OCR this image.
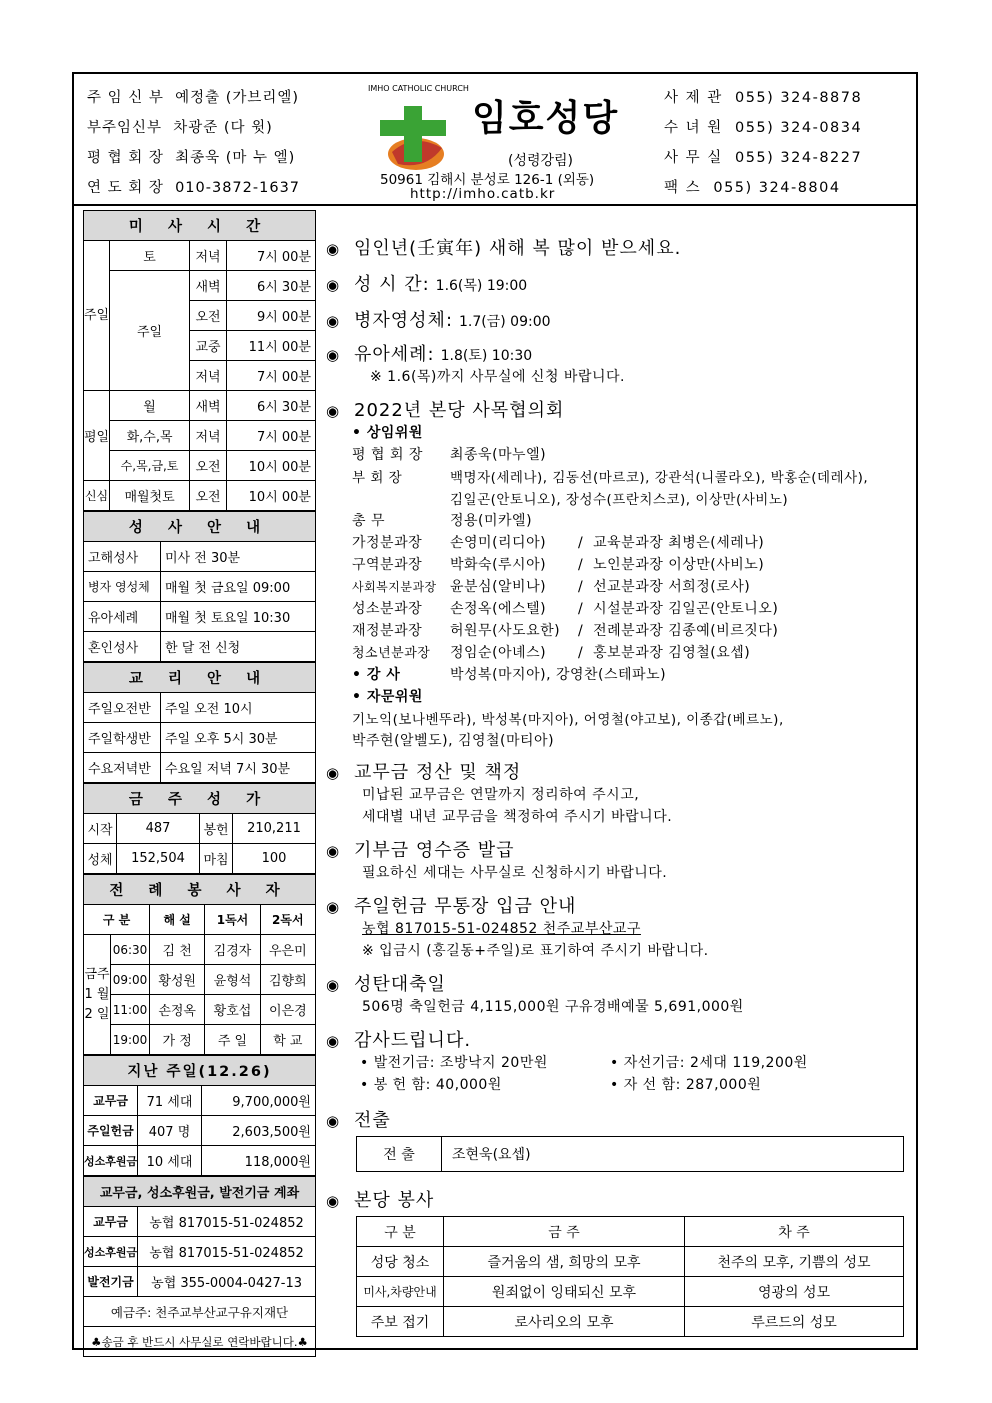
주 임 신 부 예정출 (가브리엘)
부주임신부 차광준 (다 윗)
평 협 회 장 최종욱 (마 누 엘)
연 도 회 장 010-3872-1637
IMHO CATHOLIC CHURCH
임호성당
(성령강림)
50961 김해시 분성로 126-1 (외동)
http://imho.catb.kr
사 제 관 055) 324-8878
수 녀 원 055) 324-0834
사 무 실 055) 324-8227
팩 스 055) 324-8804
미 사 시 간			
주일	토	저녁	7시 00분
	주일	새벽	6시 30분
		오전	9시 00분
		교중	11시 00분
		저녁	7시 00분
평일	월	새벽	6시 30분
	화,수,목	저녁	7시 00분
	수,목,금,토	오전	10시 00분
신심	매월첫토	오전	10시 00분
성 사 안 내	
고해성사	미사 전 30분
병자 영성체	매월 첫 금요일 09:00
유아세례	매월 첫 토요일 10:30
혼인성사	한 달 전 신청
교 리 안 내	
주일오전반	주일 오전 10시
주일학생반	주일 오후 5시 30분
수요저녁반	수요일 저녁 7시 30분
금 주 성 가			
시작	487	봉헌	210,211
성체	152,504	마침	100
전 례 봉 사 자				
구 분		해 설	1독서	2독서
금주 1 월 2 일	06:30	김 천	김경자	우은미
	09:00	황성원	윤형석	김향희
	11:00	손정옥	황호섭	이은경
	19:00	가 정	주 일	학 교
지난 주일(12.26)		
교무금	71 세대	9,700,000원
주일헌금	407 명	2,603,500원
성소후원금	10 세대	118,000원
교무금, 성소후원금, 발전기금 계좌	
교무금	농협 817015-51-024852
성소후원금	농협 817015-51-024852
발전기금	농협 355-0004-0427-13
예금주: 천주교부산교구유지재단	
♣송금 후 반드시 사무실로 연락바랍니다.♣	
◉ 임인년(壬寅年) 새해 복 많이 받으세요.
◉ 성 시 간: 1.6(목) 19:00
◉ 병자영성체: 1.7(금) 09:00
◉ 유아세례: 1.8(토) 10:30
※ 1.6(목)까지 사무실에 신청 바랍니다.
◉ 2022년 본당 사목협의회
• 상임위원
평 협 회 장 최종욱(마누엘)
부 회 장	백명자(세레나), 김동선(마르코), 강관석(니콜라오), 박홍순(데레사),
김일곤(안토니오), 장성수(프란치스코), 이상만(사비노)
총 무	정용(미카엘)
가정분과장 손영미(리디아) /  교육분과장 최병은(세레나)
구역분과장 박화숙(루시아) /  노인분과장 이상만(사비노)
사회복지분과장 윤분심(알비나) /  선교분과장 서희정(로사)
성소분과장 손정옥(에스텔) /  시설분과장 김일곤(안토니오)
재정분과장 허원무(사도요한) /  전례분과장 김종예(비르짓다)
청소년분과장 정임순(아녜스) /  홍보분과장 김영철(요셉)
• 강 사	박성복(마지아), 강영찬(스테파노)
• 자문위원
기노익(보나벤뚜라), 박성복(마지아), 어영철(야고보), 이종갑(베르노),
박주현(알벨도), 김영철(마티아)
◉ 교무금 정산 및 책정
미납된 교무금은 연말까지 정리하여 주시고,
세대별 내년 교무금을 책정하여 주시기 바랍니다.
◉ 기부금 영수증 발급
필요하신 세대는 사무실로 신청하시기 바랍니다.
◉ 주일헌금 무통장 입금 안내
농협 817015-51-024852 천주교부산교구
※ 입금시 (홍길동+주일)로 표기하여 주시기 바랍니다.
◉ 성탄대축일
506명 축일헌금 4,115,000원 구유경배예물 5,691,000원
◉ 감사드립니다.
• 발전기금: 조방낙지 20만원
• 봉 헌 함: 40,000원
• 자선기금: 2세대 119,200원
• 자 선 함: 287,000원
◉ 전출
전 출	조현욱(요셉)
◉ 본당 봉사
구 분	금 주	차 주
성당 청소	즐거움의 샘, 희망의 모후	천주의 모후, 기쁨의 성모
미사,차량안내	원죄없이 잉태되신 모후	영광의 성모
주보 접기	로사리오의 모후	루르드의 성모
